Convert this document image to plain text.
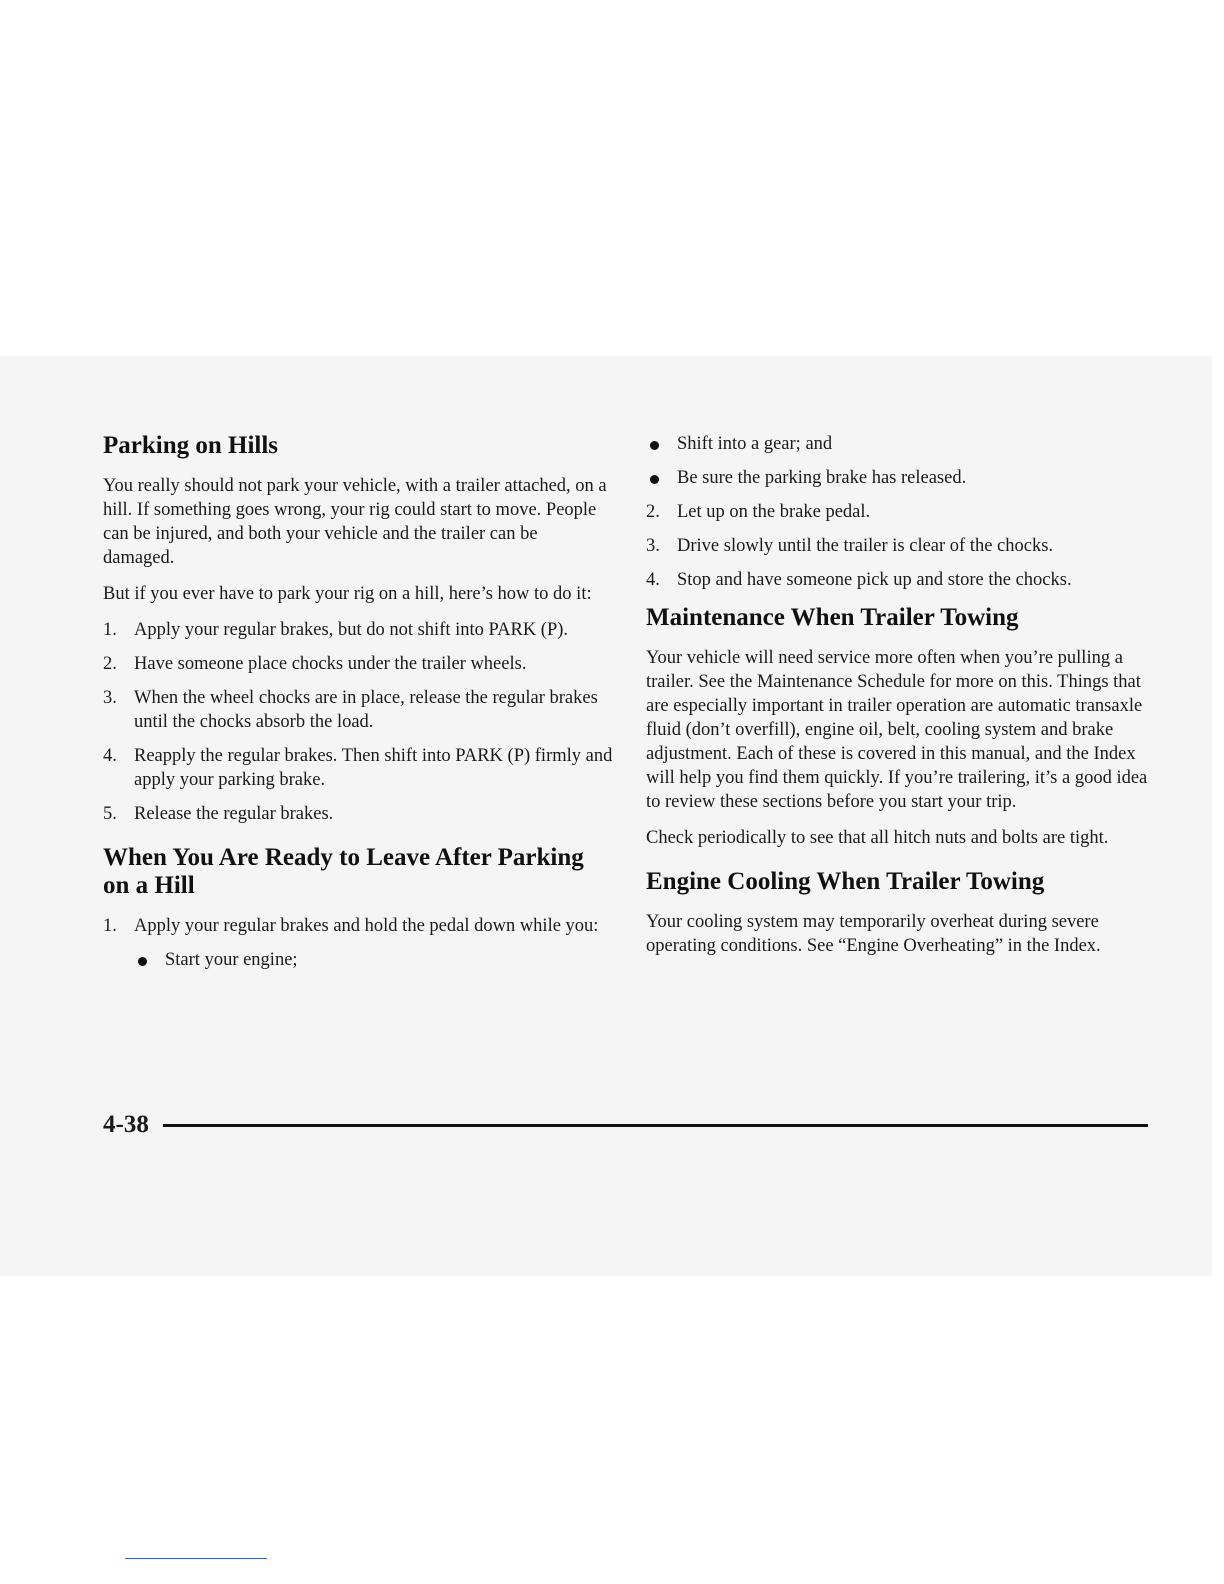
Parking on Hills

You really should not park your vehicle, with a trailer attached, on a hill. If something goes wrong, your rig could start to move. People can be injured, and both your vehicle and the trailer can be damaged.

But if you ever have to park your rig on a hill, here’s how to do it:

1. Apply your regular brakes, but do not shift into PARK (P).
2. Have someone place chocks under the trailer wheels.
3. When the wheel chocks are in place, release the regular brakes until the chocks absorb the load.
4. Reapply the regular brakes. Then shift into PARK (P) firmly and apply your parking brake.
5. Release the regular brakes.
When You Are Ready to Leave After Parking on a Hill
1. Apply your regular brakes and hold the pedal down while you:
Start your engine;
Shift into a gear; and
Be sure the parking brake has released.
2. Let up on the brake pedal.
3. Drive slowly until the trailer is clear of the chocks.
4. Stop and have someone pick up and store the chocks.
Maintenance When Trailer Towing

Your vehicle will need service more often when you’re pulling a trailer. See the Maintenance Schedule for more on this. Things that are especially important in trailer operation are automatic transaxle fluid (don’t overfill), engine oil, belt, cooling system and brake adjustment. Each of these is covered in this manual, and the Index will help you find them quickly. If you’re trailering, it’s a good idea to review these sections before you start your trip.

Check periodically to see that all hitch nuts and bolts are tight.

Engine Cooling When Trailer Towing

Your cooling system may temporarily overheat during severe operating conditions. See “Engine Overheating” in the Index.

4-38
